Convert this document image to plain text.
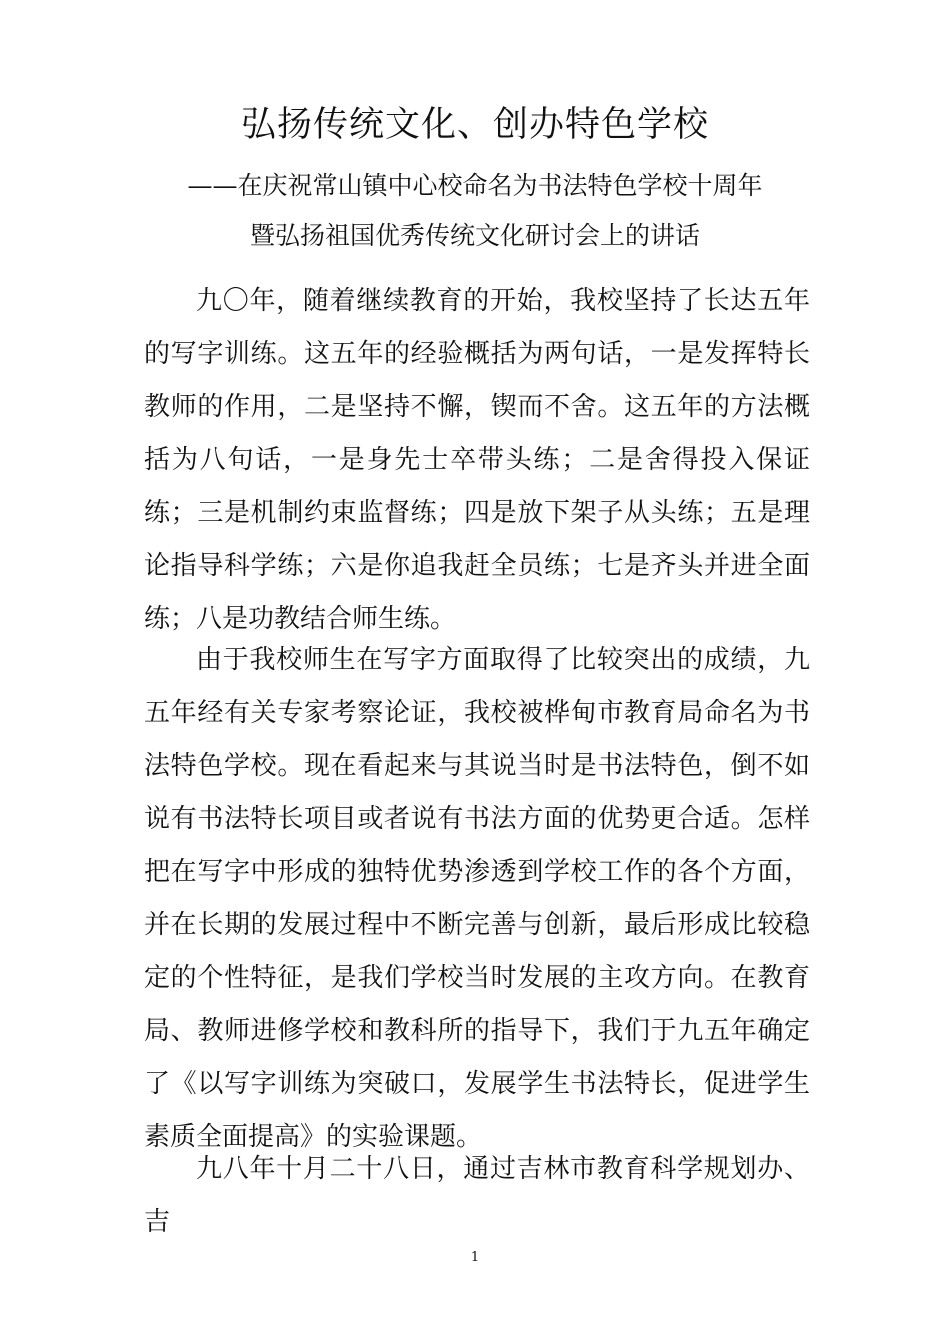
弘扬传统文化、创办特色学校

——在庆祝常山镇中心校命名为书法特色学校十周年

暨弘扬祖国优秀传统文化研讨会上的讲话

九〇年，随着继续教育的开始，我校坚持了长达五年的写字训练。这五年的经验概括为两句话，一是发挥特长教师的作用，二是坚持不懈，锲而不舍。这五年的方法概括为八句话，一是身先士卒带头练；二是舍得投入保证练；三是机制约束监督练；四是放下架子从头练；五是理论指导科学练；六是你追我赶全员练；七是齐头并进全面练；八是功教结合师生练。

由于我校师生在写字方面取得了比较突出的成绩，九五年经有关专家考察论证，我校被桦甸市教育局命名为书法特色学校。现在看起来与其说当时是书法特色，倒不如说有书法特长项目或者说有书法方面的优势更合适。怎样把在写字中形成的独特优势渗透到学校工作的各个方面，并在长期的发展过程中不断完善与创新，最后形成比较稳定的个性特征，是我们学校当时发展的主攻方向。在教育局、教师进修学校和教科所的指导下，我们于九五年确定了《以写字训练为突破口，发展学生书法特长，促进学生素质全面提高》的实验课题。

九八年十月二十八日，通过吉林市教育科学规划办、吉

1
